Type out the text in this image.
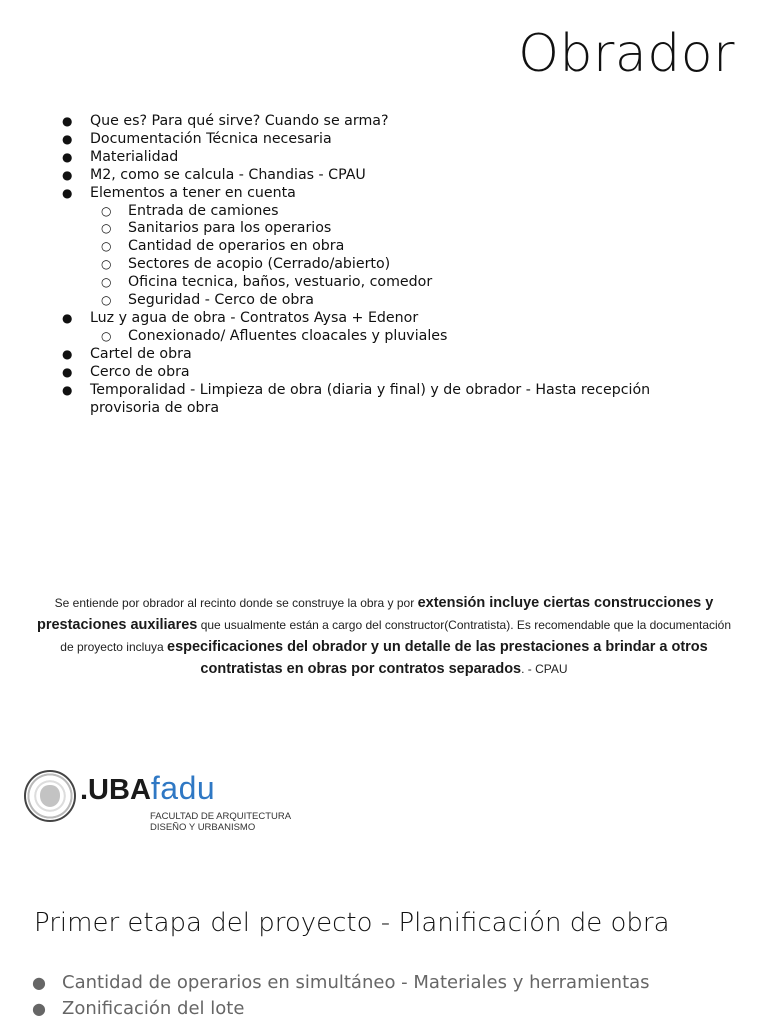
Obrador
● Que es? Para qué sirve? Cuando se arma?
● Documentación Técnica necesaria
● Materialidad
● M2, como se calcula - Chandias - CPAU
● Elementos a tener en cuenta
○ Entrada de camiones
○ Sanitarios para los operarios
○ Cantidad de operarios en obra
○ Sectores de acopio (Cerrado/abierto)
○ Oficina tecnica, baños, vestuario, comedor
○ Seguridad - Cerco de obra
● Luz y agua de obra - Contratos Aysa + Edenor
○ Conexionado/ Afluentes cloacales y pluviales
● Cartel de obra
● Cerco de obra
● Temporalidad - Limpieza de obra (diaria y final) y de obrador - Hasta recepción provisoria de obra
Se entiende por obrador al recinto donde se construye la obra y por extensión incluye ciertas construcciones y prestaciones auxiliares que usualmente están a cargo del constructor(Contratista). Es recomendable que la documentación de proyecto incluya especificaciones del obrador y un detalle de las prestaciones a brindar a otros contratistas en obras por contratos separados. - CPAU
.UBAfadu
FACULTAD DE ARQUITECTURA
DISEÑO Y URBANISMO
Primer etapa del proyecto - Planificación de obra
● Cantidad de operarios en simultáneo - Materiales y herramientas
● Zonificación del lote
